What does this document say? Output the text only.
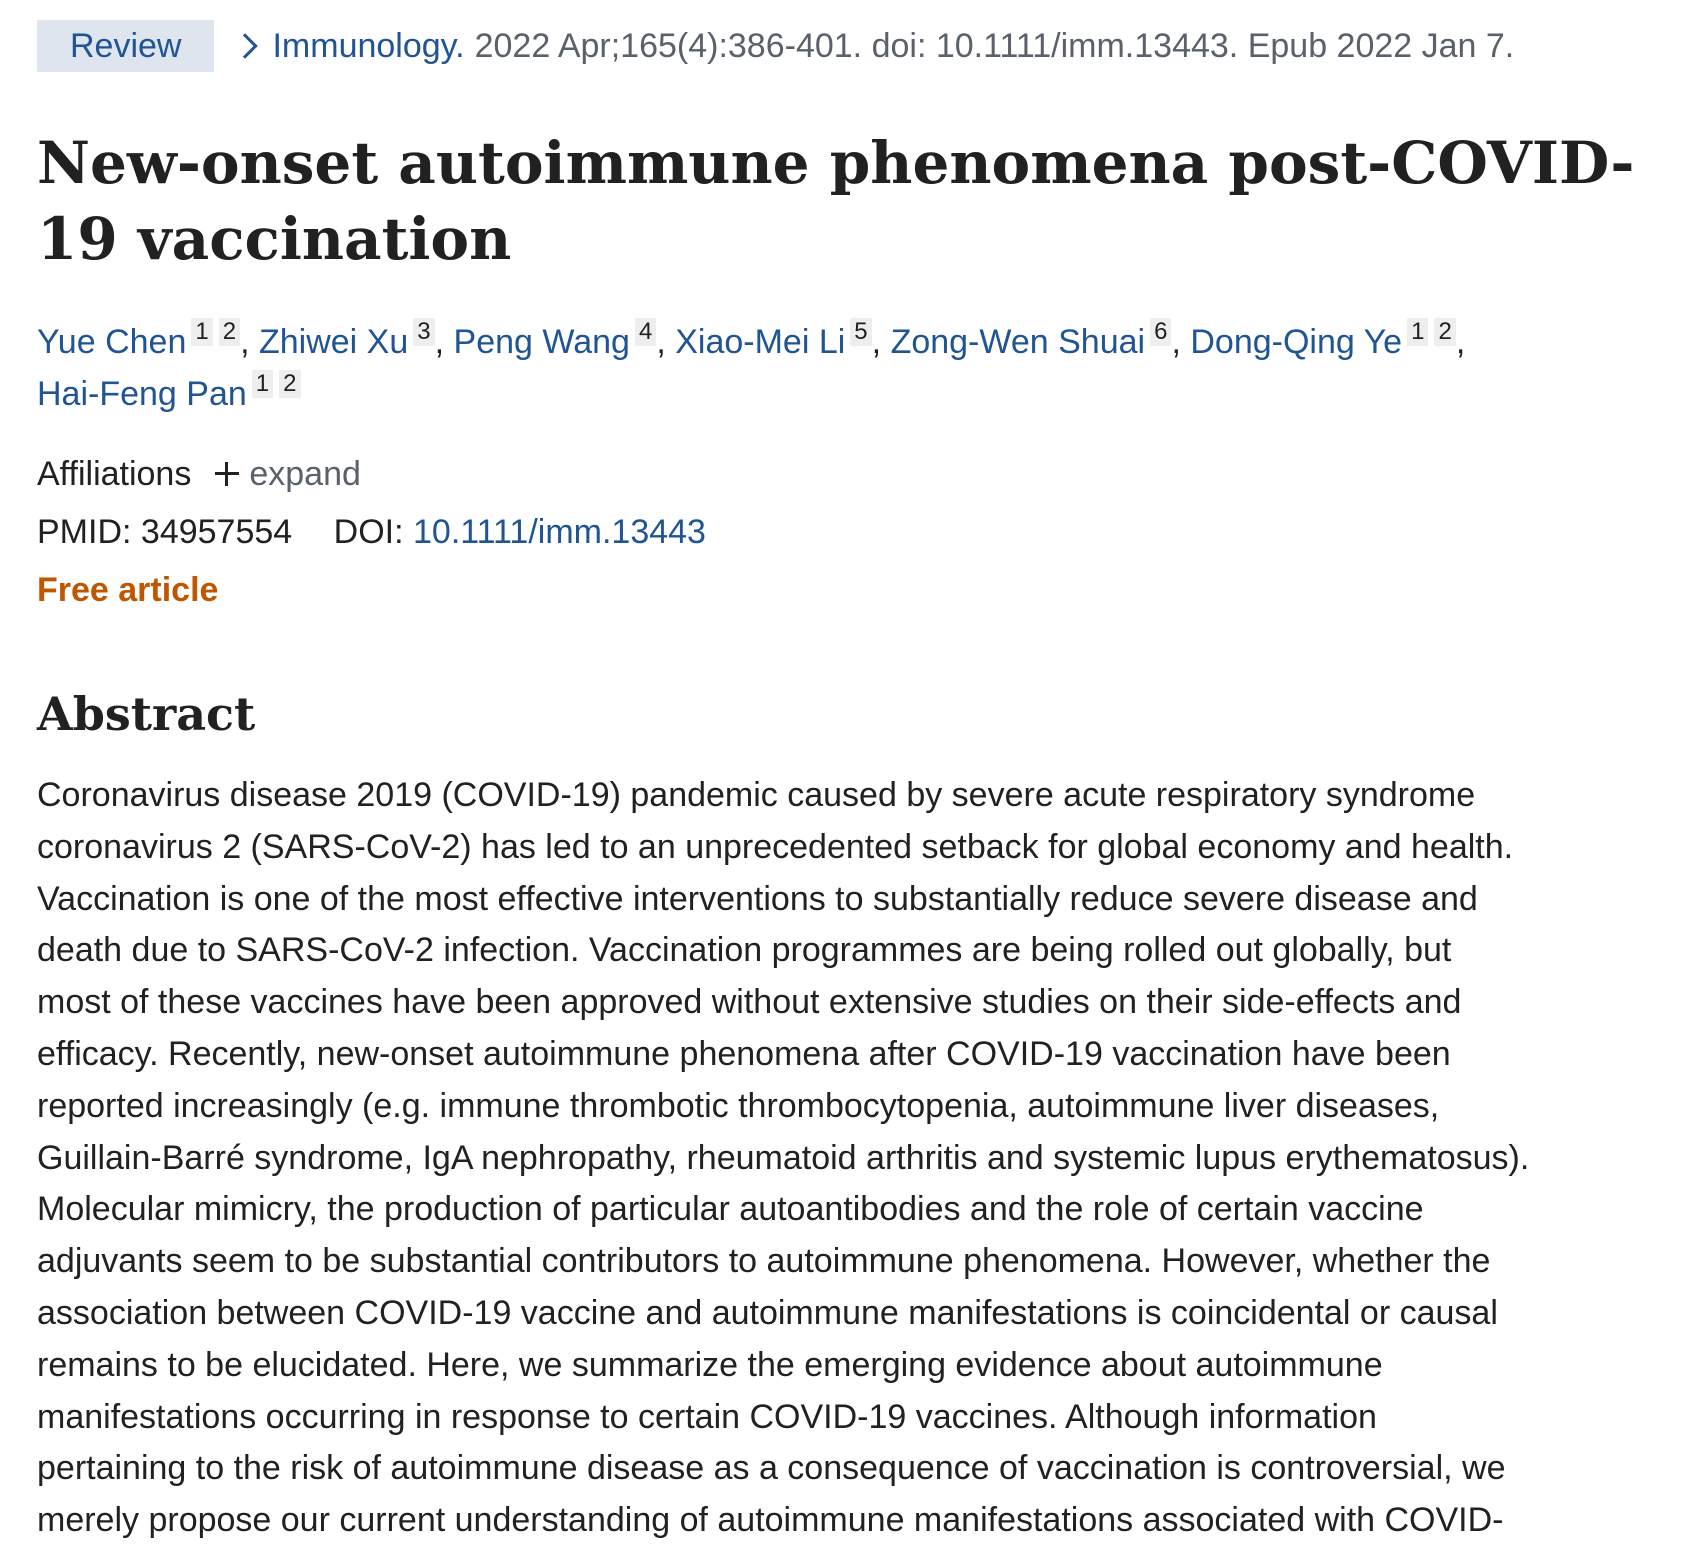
Review	Immunology. 2022 Apr;165(4):386-401. doi: 10.1111/imm.13443. Epub 2022 Jan 7.
New-onset autoimmune phenomena post-COVID-19 vaccination
Yue Chen 1 2 , Zhiwei Xu 3 , Peng Wang 4 , Xiao-Mei Li 5 , Zong-Wen Shuai 6 , Dong-Qing Ye 1 2 ,
Hai-Feng Pan 1 2
Affiliations expand
PMID: 34957554 DOI: 10.1111/imm.13443
Free article
Abstract

Coronavirus disease 2019 (COVID-19) pandemic caused by severe acute respiratory syndrome
coronavirus 2 (SARS-CoV-2) has led to an unprecedented setback for global economy and health.
Vaccination is one of the most effective interventions to substantially reduce severe disease and
death due to SARS-CoV-2 infection. Vaccination programmes are being rolled out globally, but
most of these vaccines have been approved without extensive studies on their side-effects and
efficacy. Recently, new-onset autoimmune phenomena after COVID-19 vaccination have been
reported increasingly (e.g. immune thrombotic thrombocytopenia, autoimmune liver diseases,
Guillain-Barré syndrome, IgA nephropathy, rheumatoid arthritis and systemic lupus erythematosus).
Molecular mimicry, the production of particular autoantibodies and the role of certain vaccine
adjuvants seem to be substantial contributors to autoimmune phenomena. However, whether the
association between COVID-19 vaccine and autoimmune manifestations is coincidental or causal
remains to be elucidated. Here, we summarize the emerging evidence about autoimmune
manifestations occurring in response to certain COVID-19 vaccines. Although information
pertaining to the risk of autoimmune disease as a consequence of vaccination is controversial, we
merely propose our current understanding of autoimmune manifestations associated with COVID-
